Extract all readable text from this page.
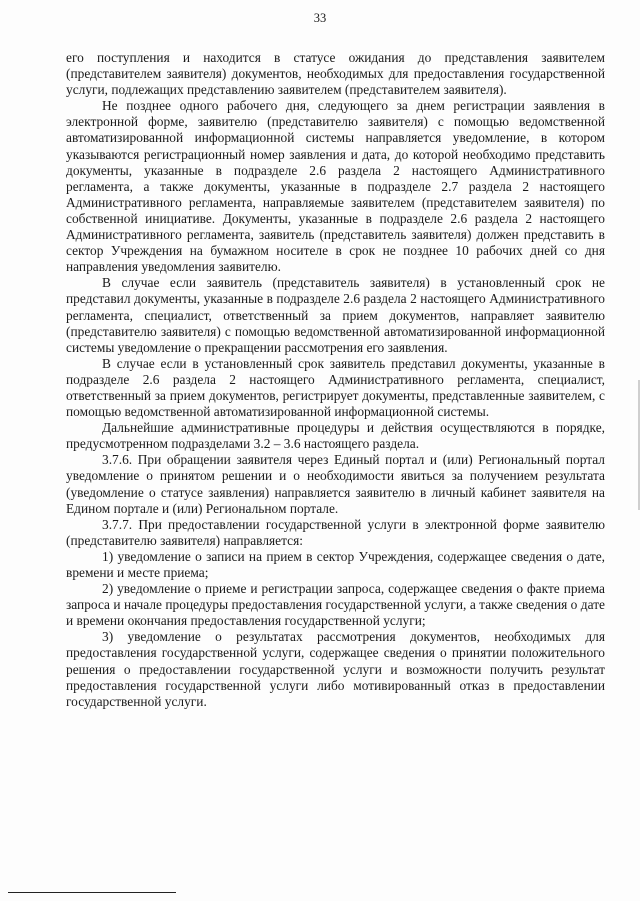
33

его поступления и находится в статусе ожидания до представления заявителем (представителем заявителя) документов, необходимых для предоставления государственной услуги, подлежащих представлению заявителем (представителем заявителя).

Не позднее одного рабочего дня, следующего за днем регистрации заявления в электронной форме, заявителю (представителю заявителя) с помощью ведомственной автоматизированной информационной системы направляется уведомление, в котором указываются регистрационный номер заявления и дата, до которой необходимо представить документы, указанные в подразделе 2.6 раздела 2 настоящего Административного регламента, а также документы, указанные в подразделе 2.7 раздела 2 настоящего Административного регламента, направляемые заявителем (представителем заявителя) по собственной инициативе. Документы, указанные в подразделе 2.6 раздела 2 настоящего Административного регламента, заявитель (представитель заявителя) должен представить в сектор Учреждения на бумажном носителе в срок не позднее 10 рабочих дней со дня направления уведомления заявителю.

В случае если заявитель (представитель заявителя) в установленный срок не представил документы, указанные в подразделе 2.6 раздела 2 настоящего Административного регламента, специалист, ответственный за прием документов, направляет заявителю (представителю заявителя) с помощью ведомственной автоматизированной информационной системы уведомление о прекращении рассмотрения его заявления.

В случае если в установленный срок заявитель представил документы, указанные в подразделе 2.6 раздела 2 настоящего Административного регламента, специалист, ответственный за прием документов, регистрирует документы, представленные заявителем, с помощью ведомственной автоматизированной информационной системы.

Дальнейшие административные процедуры и действия осуществляются в порядке, предусмотренном подразделами 3.2 – 3.6 настоящего раздела.

3.7.6. При обращении заявителя через Единый портал и (или) Региональный портал уведомление о принятом решении и о необходимости явиться за получением результата (уведомление о статусе заявления) направляется заявителю в личный кабинет заявителя на Едином портале и (или) Региональном портале.

3.7.7. При предоставлении государственной услуги в электронной форме заявителю (представителю заявителя) направляется:

1) уведомление о записи на прием в сектор Учреждения, содержащее сведения о дате, времени и месте приема;

2) уведомление о приеме и регистрации запроса, содержащее сведения о факте приема запроса и начале процедуры предоставления государственной услуги, а также сведения о дате и времени окончания предоставления государственной услуги;

3) уведомление о результатах рассмотрения документов, необходимых для предоставления государственной услуги, содержащее сведения о принятии положительного решения о предоставлении государственной услуги и возможности получить результат предоставления государственной услуги либо мотивированный отказ в предоставлении государственной услуги.
